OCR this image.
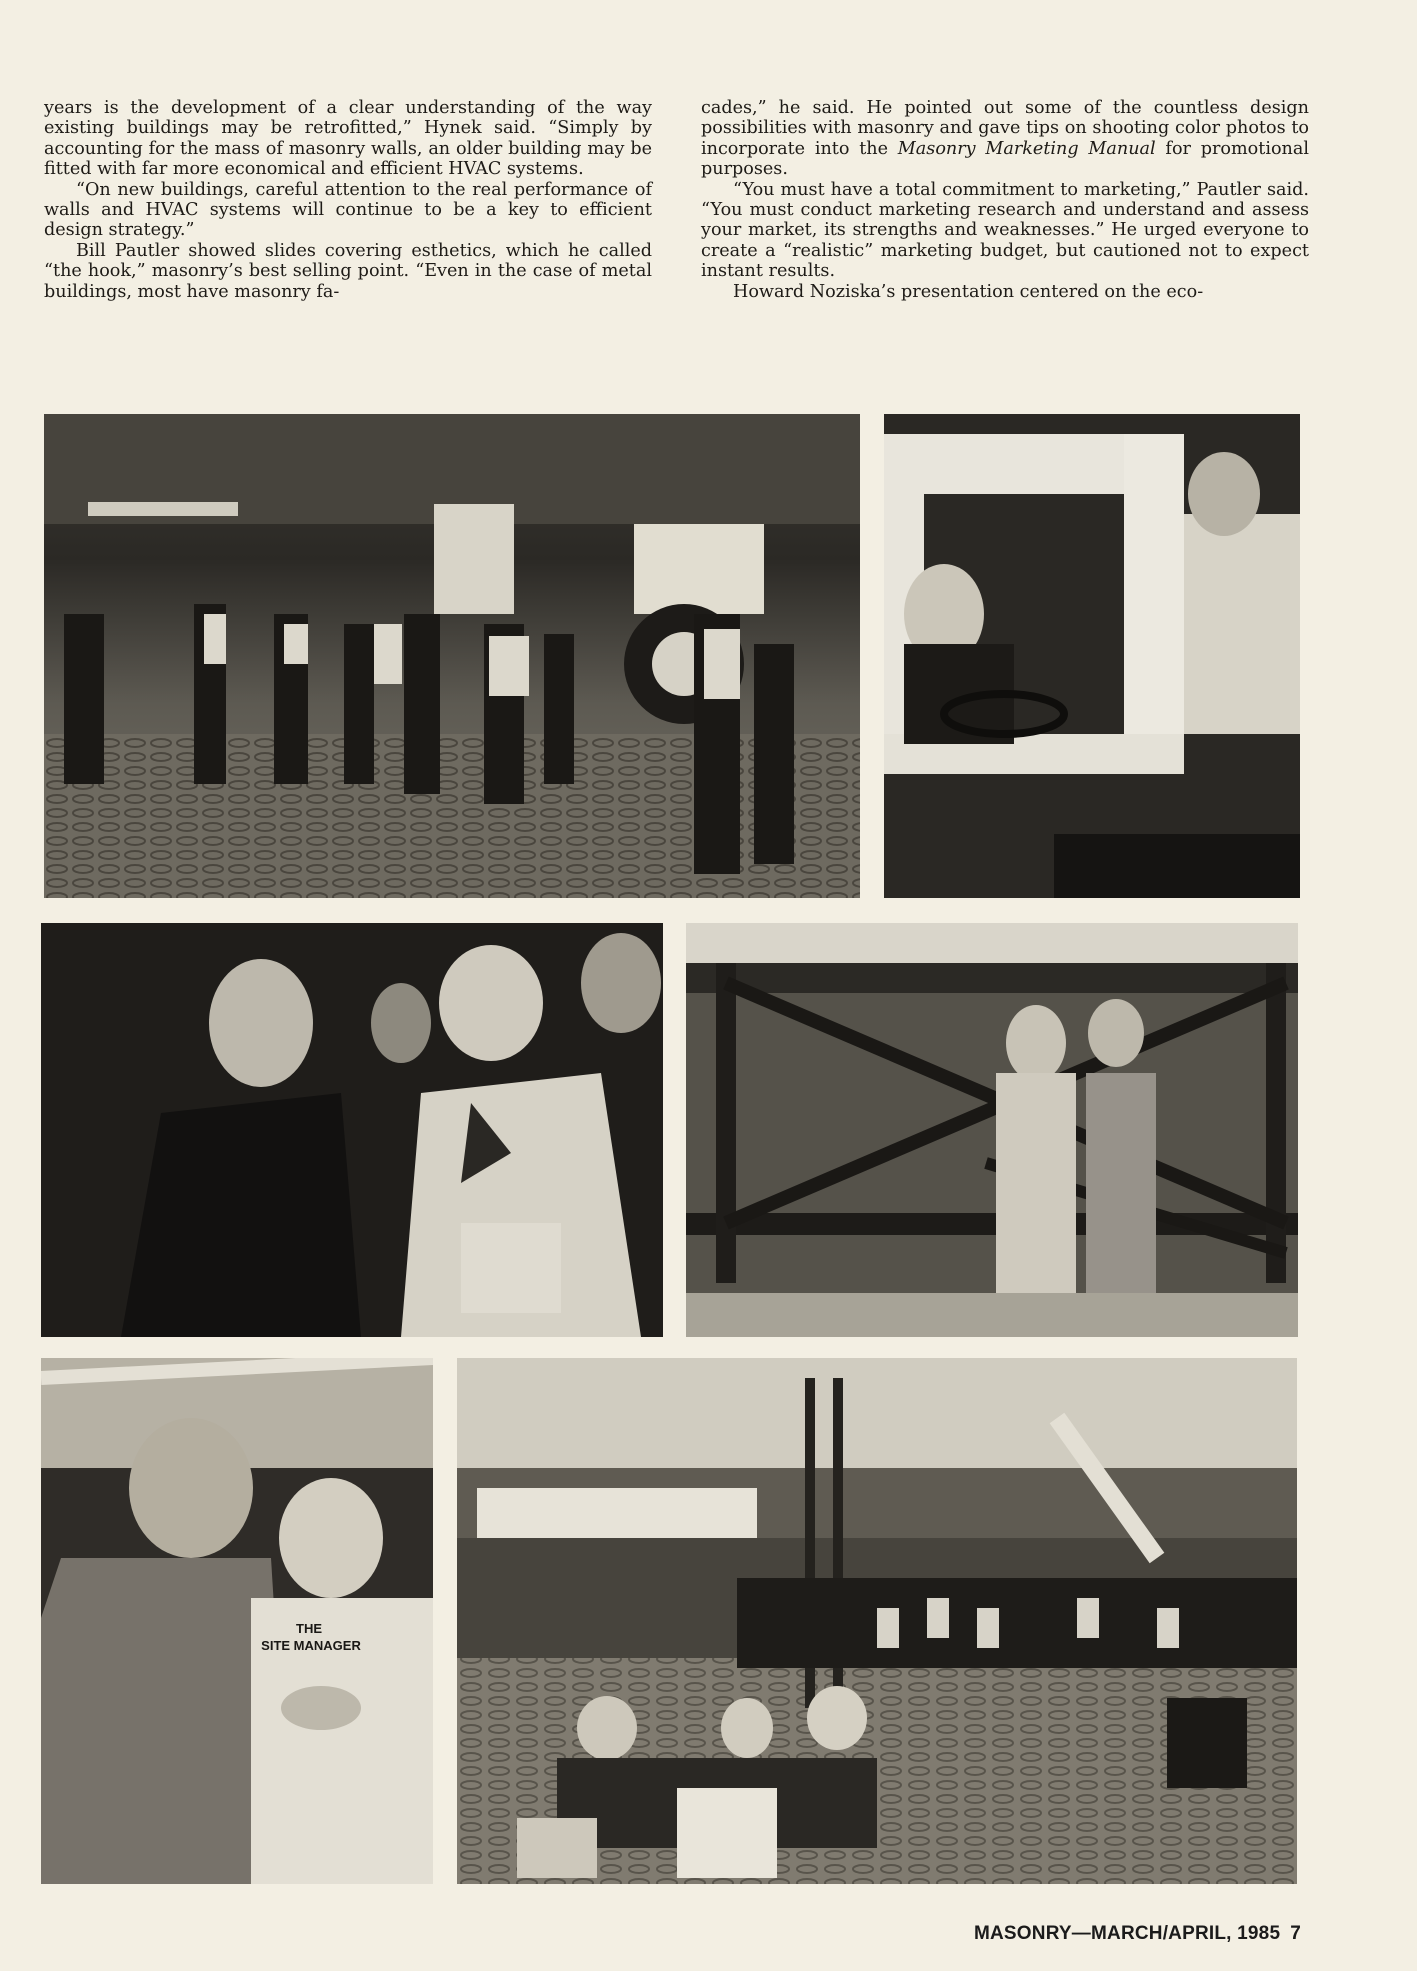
years is the development of a clear understanding of the way existing buildings may be retrofitted,” Hynek said. “Simply by accounting for the mass of masonry walls, an older building may be fitted with far more economical and efficient HVAC systems.

“On new buildings, careful attention to the real performance of walls and HVAC systems will continue to be a key to efficient design strategy.”

Bill Pautler showed slides covering esthetics, which he called “the hook,” masonry’s best selling point. “Even in the case of metal buildings, most have masonry fa-

cades,” he said. He pointed out some of the countless design possibilities with masonry and gave tips on shooting color photos to incorporate into the Masonry Marketing Manual for promotional purposes.

“You must have a total commitment to marketing,” Pautler said. “You must conduct marketing research and understand and assess your market, its strengths and weaknesses.” He urged everyone to create a “realistic” marketing budget, but cautioned not to expect instant results.

Howard Noziska’s presentation centered on the eco-

THE
SITE MANAGER
MASONRY—MARCH/APRIL, 1985 7
